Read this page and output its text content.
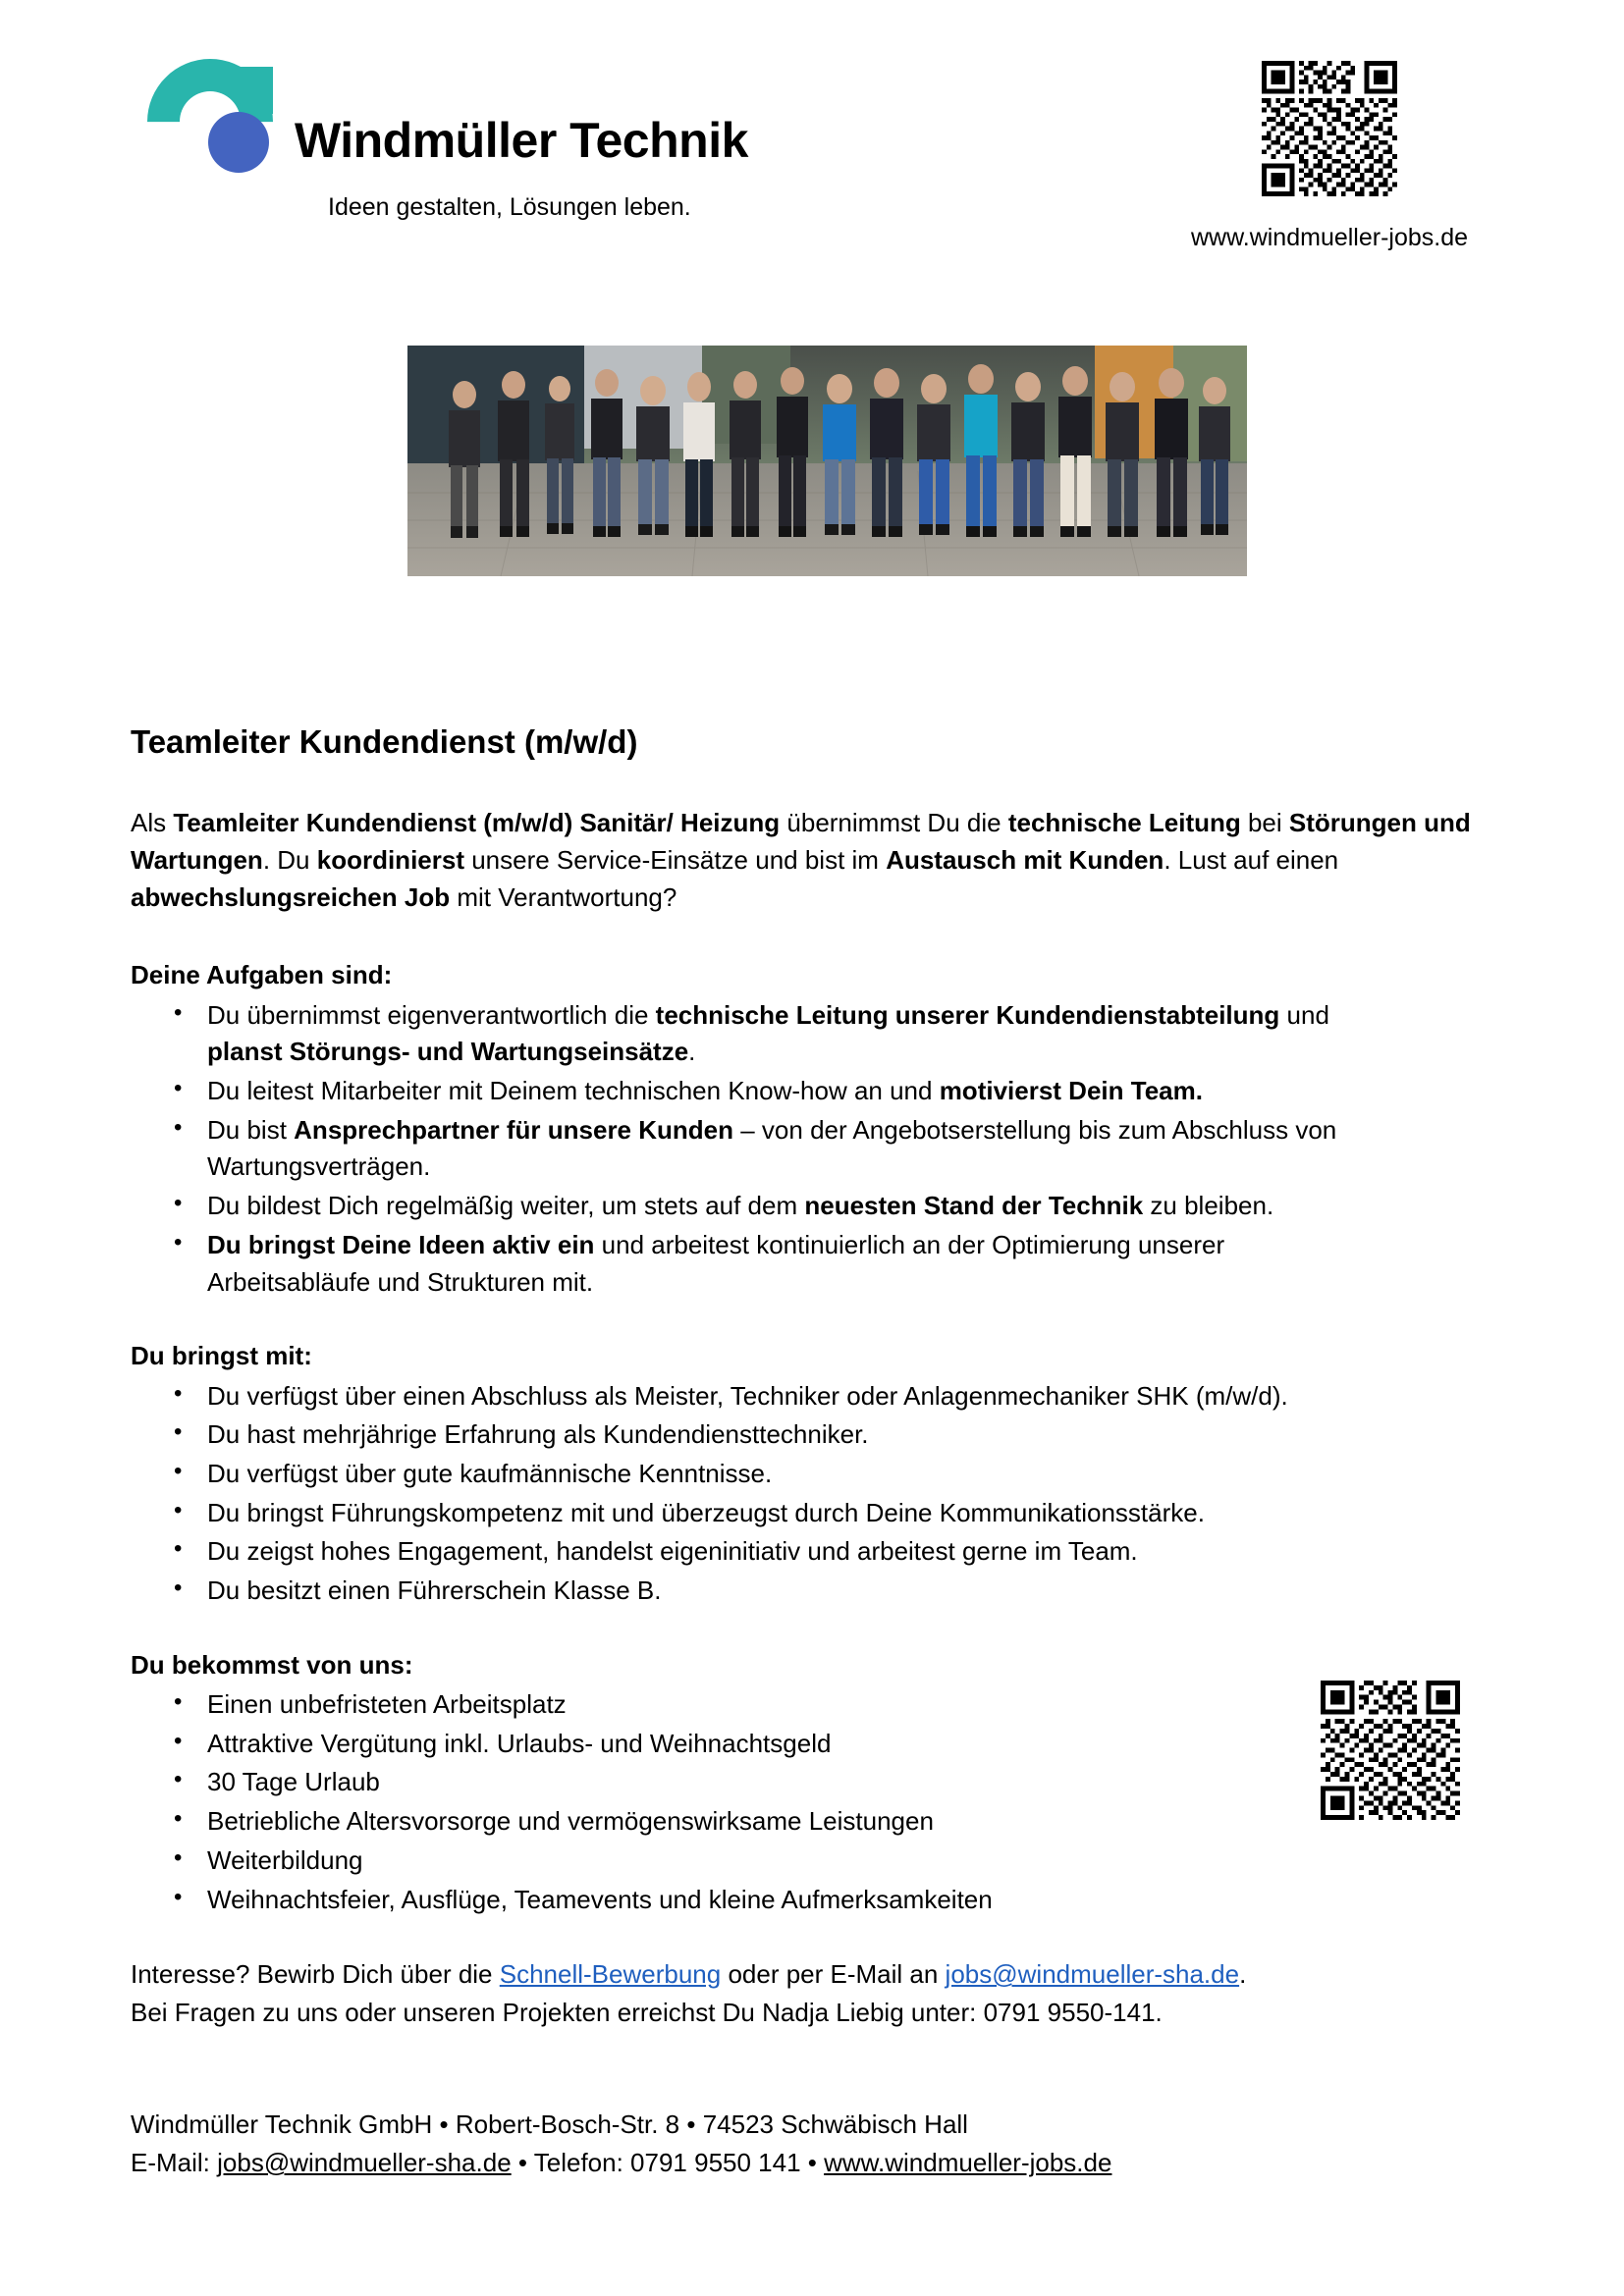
Windmüller Technik
Ideen gestalten, Lösungen leben.
www.windmueller-jobs.de
Teamleiter Kundendienst (m/w/d)

Als Teamleiter Kundendienst (m/w/d) Sanitär/ Heizung übernimmst Du die technische Leitung bei Störungen und Wartungen. Du koordinierst unsere Service-Einsätze und bist im Austausch mit Kunden. Lust auf einen abwechslungsreichen Job mit Verantwortung?

Deine Aufgaben sind:
• Du übernimmst eigenverantwortlich die technische Leitung unserer Kundendienstabteilung und planst Störungs- und Wartungseinsätze.
• Du leitest Mitarbeiter mit Deinem technischen Know-how an und motivierst Dein Team.
• Du bist Ansprechpartner für unsere Kunden – von der Angebotserstellung bis zum Abschluss von Wartungsverträgen.
• Du bildest Dich regelmäßig weiter, um stets auf dem neuesten Stand der Technik zu bleiben.
• Du bringst Deine Ideen aktiv ein und arbeitest kontinuierlich an der Optimierung unserer Arbeitsabläufe und Strukturen mit.
Du bringst mit:
• Du verfügst über einen Abschluss als Meister, Techniker oder Anlagenmechaniker SHK (m/w/d).
• Du hast mehrjährige Erfahrung als Kundendiensttechniker.
• Du verfügst über gute kaufmännische Kenntnisse.
• Du bringst Führungskompetenz mit und überzeugst durch Deine Kommunikationsstärke.
• Du zeigst hohes Engagement, handelst eigeninitiativ und arbeitest gerne im Team.
• Du besitzt einen Führerschein Klasse B.
Du bekommst von uns:
• Einen unbefristeten Arbeitsplatz
• Attraktive Vergütung inkl. Urlaubs- und Weihnachtsgeld
• 30 Tage Urlaub
• Betriebliche Altersvorsorge und vermögenswirksame Leistungen
• Weiterbildung
• Weihnachtsfeier, Ausflüge, Teamevents und kleine Aufmerksamkeiten

Interesse? Bewirb Dich über die Schnell-Bewerbung oder per E-Mail an jobs@windmueller-sha.de.
Bei Fragen zu uns oder unseren Projekten erreichst Du Nadja Liebig unter: 0791 9550-141.

Windmüller Technik GmbH • Robert-Bosch-Str. 8 • 74523 Schwäbisch Hall
E-Mail: jobs@windmueller-sha.de • Telefon: 0791 9550 141 • www.windmueller-jobs.de
